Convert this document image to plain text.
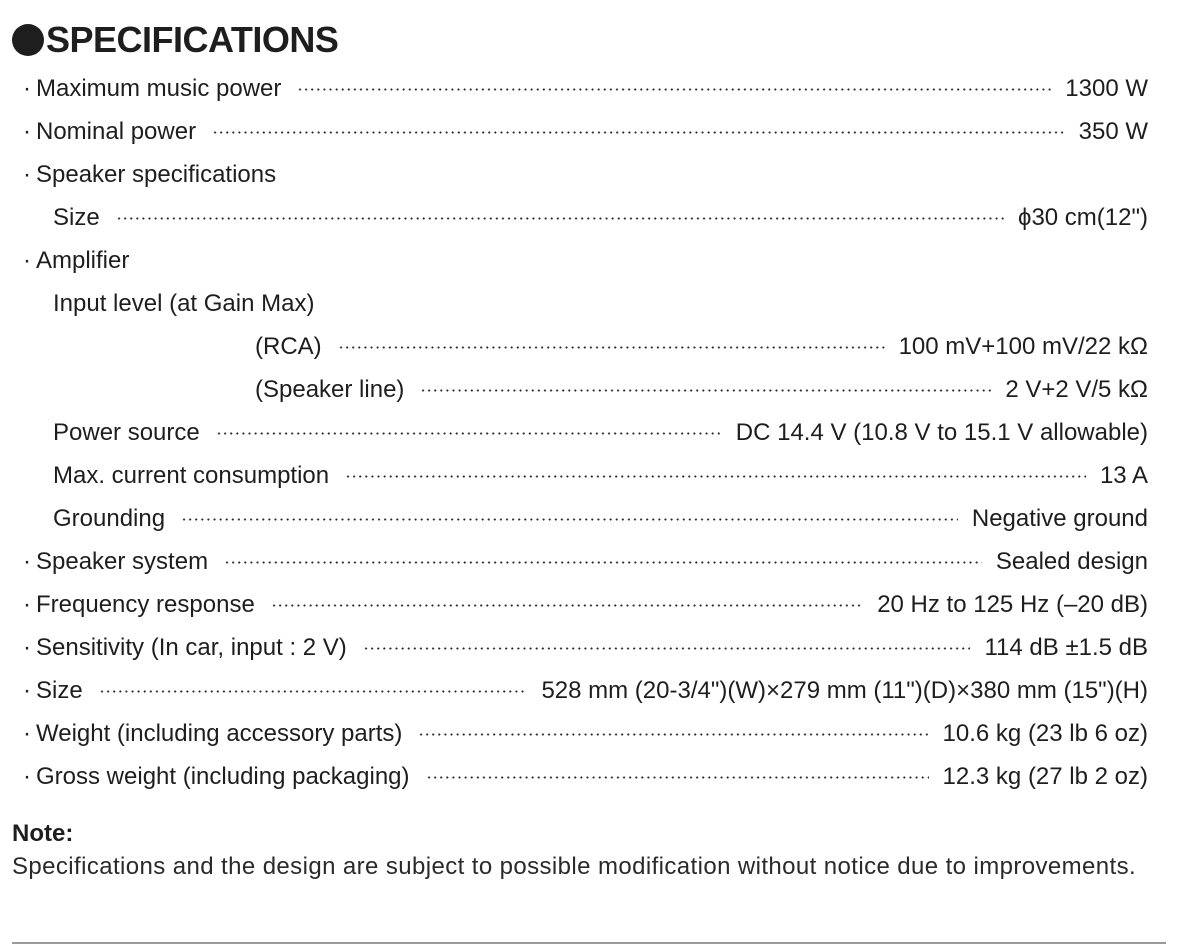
SPECIFICATIONS
· Maximum music power	1300 W
· Nominal power	350 W
· Speaker specifications
Size	ϕ30 cm(12")
· Amplifier
Input level (at Gain Max)
(RCA)	100 mV+100 mV/22 kΩ
(Speaker line)	2 V+2 V/5 kΩ
Power source	DC 14.4 V (10.8 V to 15.1 V allowable)
Max. current consumption	13 A
Grounding	Negative ground
· Speaker system	Sealed design
· Frequency response	20 Hz to 125 Hz (–20 dB)
· Sensitivity (In car, input : 2 V)	114 dB ±1.5 dB
· Size	528 mm (20-3/4")(W)×279 mm (11")(D)×380 mm (15")(H)
· Weight (including accessory parts)	10.6 kg (23 lb 6 oz)
· Gross weight (including packaging)	12.3 kg (27 lb 2 oz)
Note:
Specifications and the design are subject to possible modification without notice due to improvements.
